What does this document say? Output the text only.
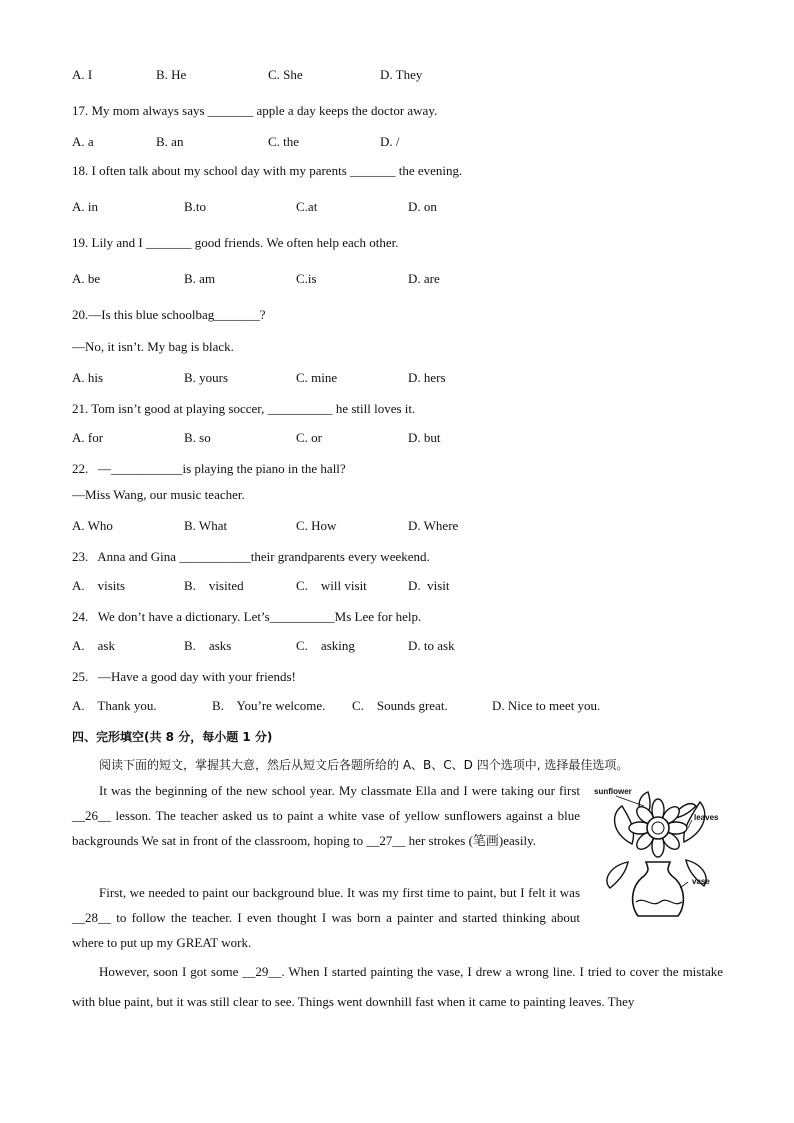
A. I	B. He	C. She	D. They
17. My mom always says _______ apple a day keeps the doctor away.
A. a	B. an	C. the	D. /
18. I often talk about my school day with my parents _______ the evening.
A. in	B.to	C.at	D. on
19. Lily and I _______ good friends. We often help each other.
A. be	B. am	C.is	D. are
20.—Is this blue schoolbag_______?
—No, it isn’t. My bag is black.
A. his	B. yours	C. mine	D. hers
21. Tom isn’t good at playing soccer, __________ he still loves it.
A. for	B. so	C. or	D. but
22.   —___________is playing the piano in the hall?
—Miss Wang, our music teacher.
A. Who	B. What	C. How	D. Where
23.   Anna and Gina ___________their grandparents every weekend.
A.    visits	B.    visited	C.    will visit	D.  visit
24.   We don’t have a dictionary. Let’s__________Ms Lee for help.
A.    ask	B.    asks	C.    asking	D. to ask
25.   —Have a good day with your friends!
A.    Thank you.	B.    You’re welcome. C.    Sounds great.	D. Nice to meet you.
四、完形填空(共 8 分，每小题 1 分)
阅读下面的短文，掌握其大意，然后从短文后各题所给的 A、B、C、D 四个选项中, 选择最佳选项。
It was the beginning of the new school year. My classmate Ella and I were taking our first __26__ lesson. The teacher asked us to paint a white vase of yellow sunflowers against a blue backgrounds We sat in front of the classroom, hoping to __27__ her strokes (笔画)easily.
First, we needed to paint our background blue. It was my first time to paint, but I felt it was __28__ to follow the teacher. I even thought I was born a painter and started thinking about where to put up my GREAT work.
However, soon I got some __29__. When I started painting the vase, I drew a wrong line. I tried to cover the mistake with blue paint, but it was still clear to see. Things went downhill fast when it came to painting leaves. They
sunflower
leaves
vase
